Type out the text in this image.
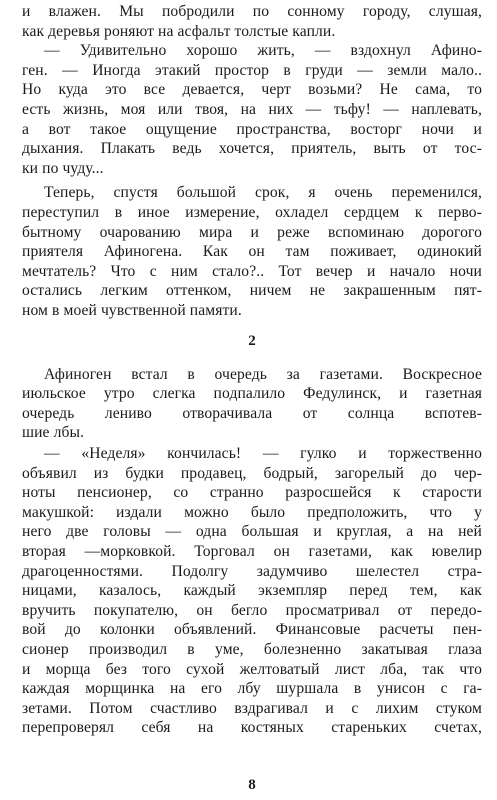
и влажен. Мы побродили по сонному городу, слушая,
как деревья роняют на асфальт толстые капли.
— Удивительно хорошо жить, — вздохнул Афино-
ген. — Иногда этакий простор в груди — земли мало..
Но куда это все девается, черт возьми? Не сама, то
есть жизнь, моя или твоя, на них — тьфу! — наплевать,
а вот такое ощущение пространства, восторг ночи и
дыхания. Плакать ведь хочется, приятель, выть от тос-
ки по чуду...
Теперь, спустя большой срок, я очень переменился,
переступил в иное измерение, охладел сердцем к перво-
бытному очарованию мира и реже вспоминаю дорогого
приятеля Афиногена. Как он там поживает, одинокий
мечтатель? Что с ним стало?.. Тот вечер и начало ночи
остались легким оттенком, ничем не закрашенным пят-
ном в моей чувственной памяти.
2
Афиноген встал в очередь за газетами. Воскресное
июльское утро слегка подпалило Федулинск, и газетная
очередь лениво отворачивала от солнца вспотев-
шие лбы.
— «Неделя» кончилась! — гулко и торжественно
объявил из будки продавец, бодрый, загорелый до чер-
ноты пенсионер, со странно разросшейся к старости
макушкой: издали можно было предположить, что у
него две головы — одна большая и круглая, а на ней
вторая —морковкой. Торговал он газетами, как ювелир
драгоценностями. Подолгу задумчиво шелестел стра-
ницами, казалось, каждый экземпляр перед тем, как
вручить покупателю, он бегло просматривал от передо-
вой до колонки объявлений. Финансовые расчеты пен-
сионер производил в уме, болезненно закатывая глаза
и морща без того сухой желтоватый лист лба, так что
каждая морщинка на его лбу шуршала в унисон с га-
зетами. Потом счастливо вздрагивал и с лихим стуком
перепроверял себя на костяных стареньких счетах,
8
